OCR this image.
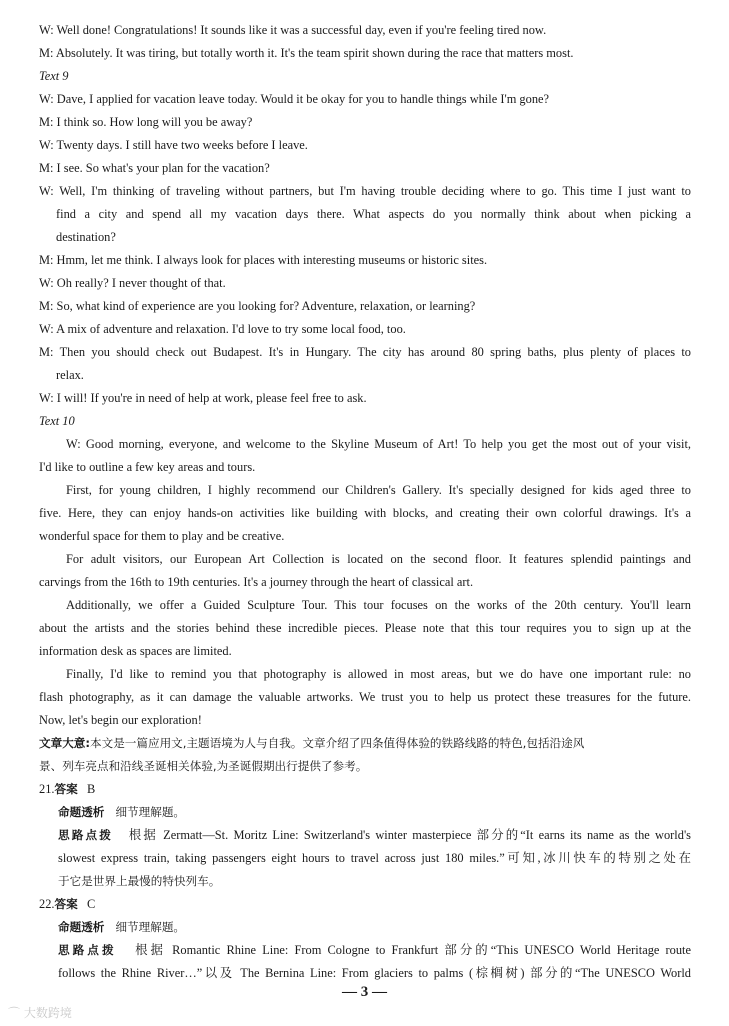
W: Well done! Congratulations! It sounds like it was a successful day, even if you're feeling tired now.
M: Absolutely. It was tiring, but totally worth it. It's the team spirit shown during the race that matters most.
Text 9
W: Dave, I applied for vacation leave today. Would it be okay for you to handle things while I'm gone?
M: I think so. How long will you be away?
W: Twenty days. I still have two weeks before I leave.
M: I see. So what's your plan for the vacation?
W: Well, I'm thinking of traveling without partners, but I'm having trouble deciding where to go. This time I just want to
find a city and spend all my vacation days there. What aspects do you normally think about when picking a
destination?
M: Hmm, let me think. I always look for places with interesting museums or historic sites.
W: Oh really? I never thought of that.
M: So, what kind of experience are you looking for? Adventure, relaxation, or learning?
W: A mix of adventure and relaxation. I'd love to try some local food, too.
M: Then you should check out Budapest. It's in Hungary. The city has around 80 spring baths, plus plenty of places to
relax.
W: I will! If you're in need of help at work, please feel free to ask.
Text 10
W: Good morning, everyone, and welcome to the Skyline Museum of Art! To help you get the most out of your visit,
I'd like to outline a few key areas and tours.
First, for young children, I highly recommend our Children's Gallery. It's specially designed for kids aged three to
five. Here, they can enjoy hands-on activities like building with blocks, and creating their own colorful drawings. It's a
wonderful space for them to play and be creative.
For adult visitors, our European Art Collection is located on the second floor. It features splendid paintings and
carvings from the 16th to 19th centuries. It's a journey through the heart of classical art.
Additionally, we offer a Guided Sculpture Tour. This tour focuses on the works of the 20th century. You'll learn
about the artists and the stories behind these incredible pieces. Please note that this tour requires you to sign up at the
information desk as spaces are limited.
Finally, I'd like to remind you that photography is allowed in most areas, but we do have one important rule: no
flash photography, as it can damage the valuable artworks. We trust you to help us protect these treasures for the future.
Now, let's begin our exploration!
文章大意:本文是一篇应用文,主题语境为人与自我。文章介绍了四条值得体验的铁路线路的特色,包括沿途风
景、列车亮点和沿线圣诞相关体验,为圣诞假期出行提供了参考。
21.答案 B
命题透析 细节理解题。
思路点拨 根据 Zermatt—St. Moritz Line: Switzerland's winter masterpiece 部分的“It earns its name as the world's
slowest express train, taking passengers eight hours to travel across just 180 miles.”可知,冰川快车的特别之处在
于它是世界上最慢的特快列车。
22.答案 C
命题透析 细节理解题。
思路点拨 根据 Romantic Rhine Line: From Cologne to Frankfurt 部分的“This UNESCO World Heritage route
follows the Rhine River…”以及 The Bernina Line: From glaciers to palms (棕榈树) 部分的“The UNESCO World
— 3 —
⌒ 大数跨境
